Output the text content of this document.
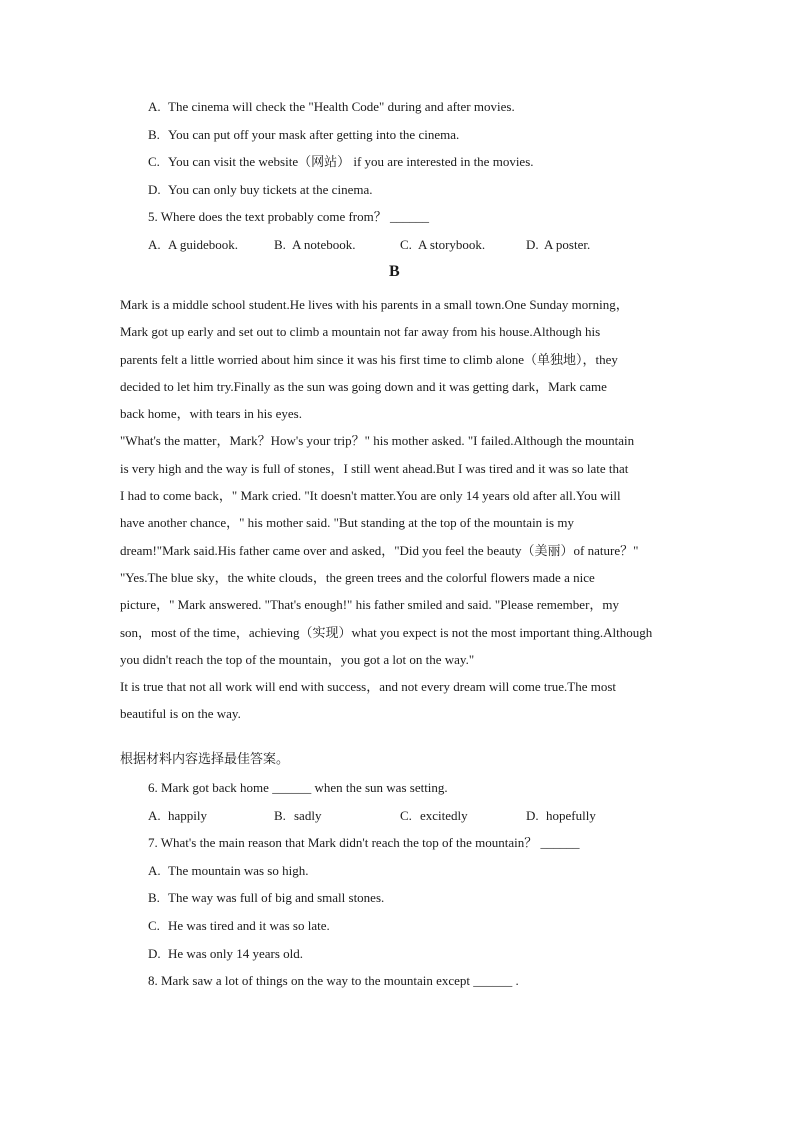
A. The cinema will check the "Health Code" during and after movies.
B. You can put off your mask after getting into the cinema.
C. You can visit the website（网站） if you are interested in the movies.
D. You can only buy tickets at the cinema.
5. Where does the text probably come from？ ______
A. A guidebook.	B. A notebook.	C. A storybook.	D. A poster.
B
Mark is a middle school student.He lives with his parents in a small town.One Sunday morning，
Mark got up early and set out to climb a mountain not far away from his house.Although his
parents felt a little worried about him since it was his first time to climb alone（单独地），they
decided to let him try.Finally as the sun was going down and it was getting dark，Mark came
back home，with tears in his eyes.
"What's the matter，Mark？How's your trip？" his mother asked. "I failed.Although the mountain
is very high and the way is full of stones，I still went ahead.But I was tired and it was so late that
I had to come back，" Mark cried. "It doesn't matter.You are only 14 years old after all.You will
have another chance，" his mother said. "But standing at the top of the mountain is my
dream!"Mark said.His father came over and asked，"Did you feel the beauty（美丽）of nature？"
"Yes.The blue sky，the white clouds，the green trees and the colorful flowers made a nice
picture，" Mark answered. "That's enough!" his father smiled and said. "Please remember，my
son，most of the time，achieving（实现）what you expect is not the most important thing.Although
you didn't reach the top of the mountain，you got a lot on the way."
It is true that not all work will end with success，and not every dream will come true.The most
beautiful is on the way.
根据材料内容选择最佳答案。
6. Mark got back home ______ when the sun was setting.
A. happily	B. sadly	C. excitedly	D. hopefully
7. What's the main reason that Mark didn't reach the top of the mountain？ ______
A. The mountain was so high.
B. The way was full of big and small stones.
C. He was tired and it was so late.
D. He was only 14 years old.
8. Mark saw a lot of things on the way to the mountain except ______ .
